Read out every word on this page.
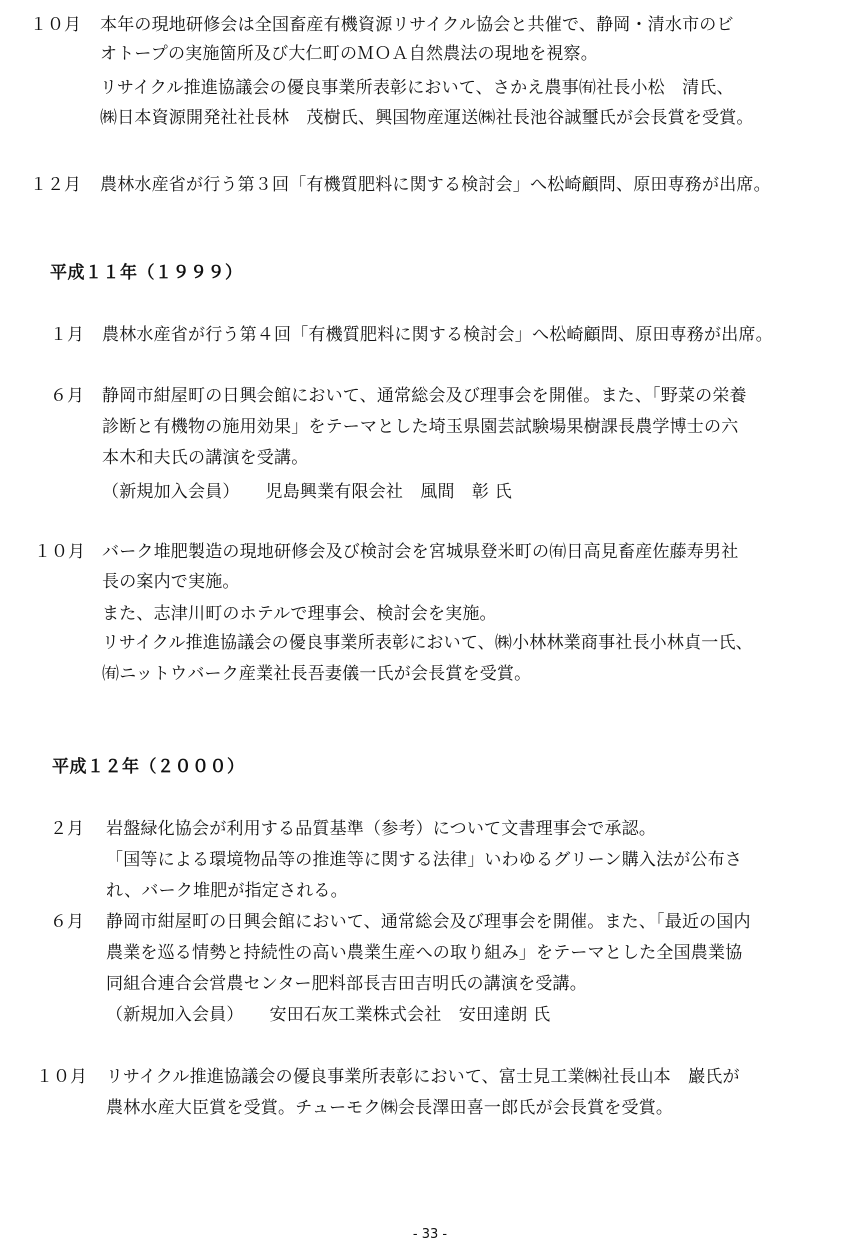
１０月 本年の現地研修会は全国畜産有機資源リサイクル協会と共催で、静岡・清水市のビ
オトープの実施箇所及び大仁町のＭＯＡ自然農法の現地を視察。
リサイクル推進協議会の優良事業所表彰において、さかえ農事㈲社長小松　清氏、
㈱日本資源開発社社長林　茂樹氏、興国物産運送㈱社長池谷誠璽氏が会長賞を受賞。
１２月 農林水産省が行う第３回「有機質肥料に関する検討会」へ松崎顧問、原田専務が出席。
平成１１年（１９９９）
１月 農林水産省が行う第４回「有機質肥料に関する検討会」へ松崎顧問、原田専務が出席。
６月 静岡市紺屋町の日興会館において、通常総会及び理事会を開催。また、「野菜の栄養
診断と有機物の施用効果」をテーマとした埼玉県園芸試験場果樹課長農学博士の六
本木和夫氏の講演を受講。
（新規加入会員）　　児島興業有限会社　風間　彰 氏
１０月 バーク堆肥製造の現地研修会及び検討会を宮城県登米町の㈲日高見畜産佐藤寿男社
長の案内で実施。
また、志津川町のホテルで理事会、検討会を実施。
リサイクル推進協議会の優良事業所表彰において、㈱小林林業商事社長小林貞一氏、
㈲ニットウバーク産業社長吾妻儀一氏が会長賞を受賞。
平成１２年（２０００）
２月 岩盤緑化協会が利用する品質基準（参考）について文書理事会で承認。
「国等による環境物品等の推進等に関する法律」いわゆるグリーン購入法が公布さ
れ、バーク堆肥が指定される。
６月 静岡市紺屋町の日興会館において、通常総会及び理事会を開催。また、「最近の国内
農業を巡る情勢と持続性の高い農業生産への取り組み」をテーマとした全国農業協
同組合連合会営農センター肥料部長吉田吉明氏の講演を受講。
（新規加入会員）　　安田石灰工業株式会社　安田達朗 氏
１０月 リサイクル推進協議会の優良事業所表彰において、富士見工業㈱社長山本　巖氏が
農林水産大臣賞を受賞。チューモク㈱会長澤田喜一郎氏が会長賞を受賞。
- 33 -
